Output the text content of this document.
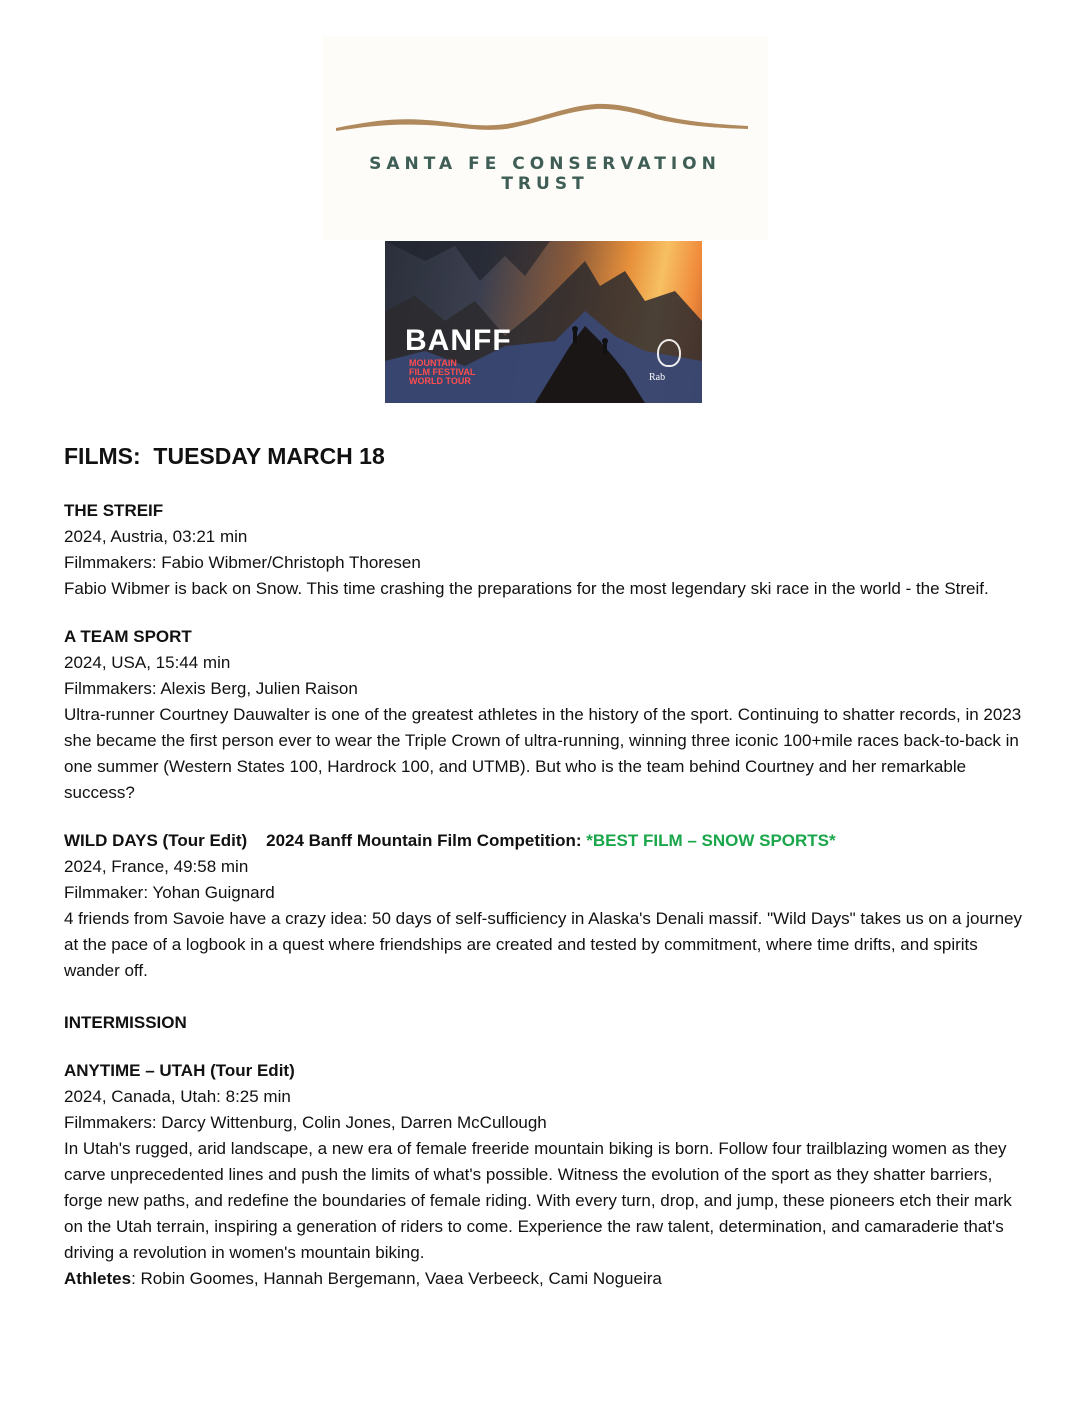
SANTA FE CONSERVATION TRUST
BANFF
MOUNTAIN
FILM FESTIVAL
WORLD TOUR	Rab
FILMS:  TUESDAY MARCH 18

THE STREIF

2024, Austria, 03:21 min

Filmmakers: Fabio Wibmer/Christoph Thoresen

Fabio Wibmer is back on Snow. This time crashing the preparations for the most legendary ski race in the world - the Streif.

A TEAM SPORT

2024, USA, 15:44 min

Filmmakers: Alexis Berg, Julien Raison

Ultra-runner Courtney Dauwalter is one of the greatest athletes in the history of the sport. Continuing to shatter records, in 2023 she became the first person ever to wear the Triple Crown of ultra-running, winning three iconic 100+mile races back-to-back in one summer (Western States 100, Hardrock 100, and UTMB). But who is the team behind Courtney and her remarkable success?

WILD DAYS (Tour Edit)    2024 Banff Mountain Film Competition: *BEST FILM – SNOW SPORTS*

2024, France, 49:58 min

Filmmaker: Yohan Guignard

4 friends from Savoie have a crazy idea: 50 days of self-sufficiency in Alaska's Denali massif. "Wild Days" takes us on a journey at the pace of a logbook in a quest where friendships are created and tested by commitment, where time drifts, and spirits wander off.

INTERMISSION

ANYTIME – UTAH (Tour Edit)

2024, Canada, Utah: 8:25 min

Filmmakers: Darcy Wittenburg, Colin Jones, Darren McCullough

In Utah's rugged, arid landscape, a new era of female freeride mountain biking is born. Follow four trailblazing women as they carve unprecedented lines and push the limits of what's possible. Witness the evolution of the sport as they shatter barriers, forge new paths, and redefine the boundaries of female riding. With every turn, drop, and jump, these pioneers etch their mark on the Utah terrain, inspiring a generation of riders to come. Experience the raw talent, determination, and camaraderie that's driving a revolution in women's mountain biking.

Athletes: Robin Goomes, Hannah Bergemann, Vaea Verbeeck, Cami Nogueira
